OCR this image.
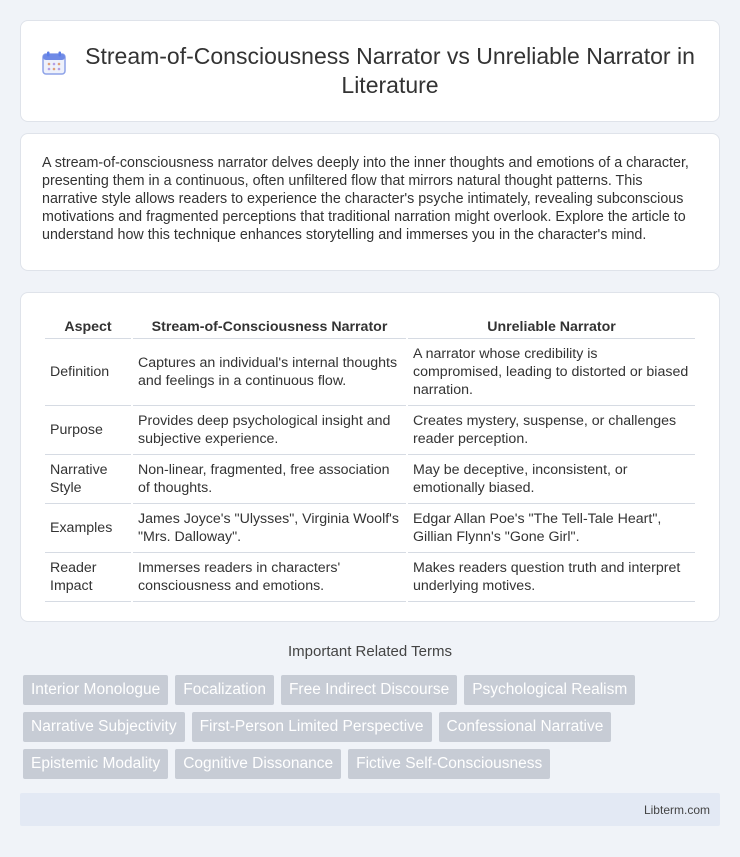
Stream-of-Consciousness Narrator vs Unreliable Narrator in Literature

A stream-of-consciousness narrator delves deeply into the inner thoughts and emotions of a character, presenting them in a continuous, often unfiltered flow that mirrors natural thought patterns. This narrative style allows readers to experience the character's psyche intimately, revealing subconscious motivations and fragmented perceptions that traditional narration might overlook. Explore the article to understand how this technique enhances storytelling and immerses you in the character's mind.

Aspect	Stream-of-Consciousness Narrator	Unreliable Narrator
Definition	Captures an individual's internal thoughts and feelings in a continuous flow.	A narrator whose credibility is compromised, leading to distorted or biased narration.
Purpose	Provides deep psychological insight and subjective experience.	Creates mystery, suspense, or challenges reader perception.
Narrative Style	Non-linear, fragmented, free association of thoughts.	May be deceptive, inconsistent, or emotionally biased.
Examples	James Joyce's "Ulysses", Virginia Woolf's "Mrs. Dalloway".	Edgar Allan Poe's "The Tell-Tale Heart", Gillian Flynn's "Gone Girl".
Reader Impact	Immerses readers in characters' consciousness and emotions.	Makes readers question truth and interpret underlying motives.
Important Related Terms
Interior Monologue	Focalization	Free Indirect Discourse	Psychological Realism
Narrative Subjectivity	First-Person Limited Perspective	Confessional Narrative
Epistemic Modality	Cognitive Dissonance	Fictive Self-Consciousness
Libterm.com
